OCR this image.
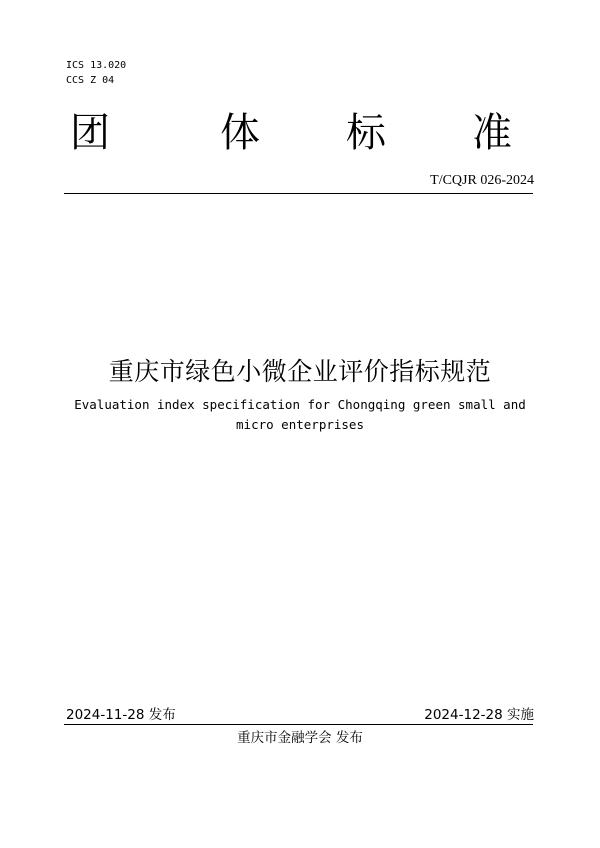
ICS 13.020
CCS Z 04
团	体 标 准
T/CQJR 026-2024
重庆市绿色小微企业评价指标规范
Evaluation index specification for Chongqing green small and
micro enterprises
2024-11-28 发布	2024-12-28 实施
重庆市金融学会 发布
